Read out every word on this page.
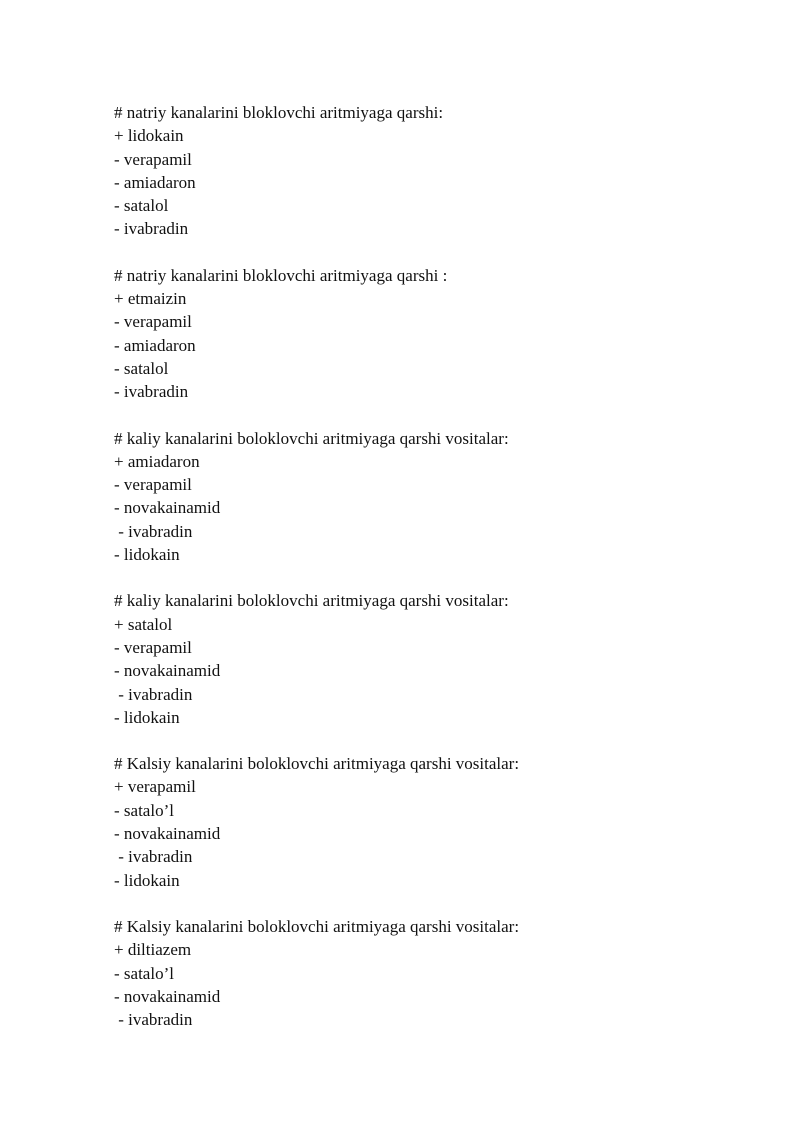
# natriy kanalarini bloklovchi aritmiyaga qarshi:
+ lidokain
- verapamil
- amiadaron
- satalol
- ivabradin
# natriy kanalarini bloklovchi aritmiyaga qarshi :
+ etmaizin
- verapamil
- amiadaron
- satalol
- ivabradin
# kaliy kanalarini boloklovchi aritmiyaga qarshi vositalar:
+ amiadaron
- verapamil
- novakainamid
- ivabradin
- lidokain
# kaliy kanalarini boloklovchi aritmiyaga qarshi vositalar:
+ satalol
- verapamil
- novakainamid
- ivabradin
- lidokain
# Kalsiy kanalarini boloklovchi aritmiyaga qarshi vositalar:
+ verapamil
- satalo’l
- novakainamid
- ivabradin
- lidokain
# Kalsiy kanalarini boloklovchi aritmiyaga qarshi vositalar:
+ diltiazem
- satalo’l
- novakainamid
- ivabradin
